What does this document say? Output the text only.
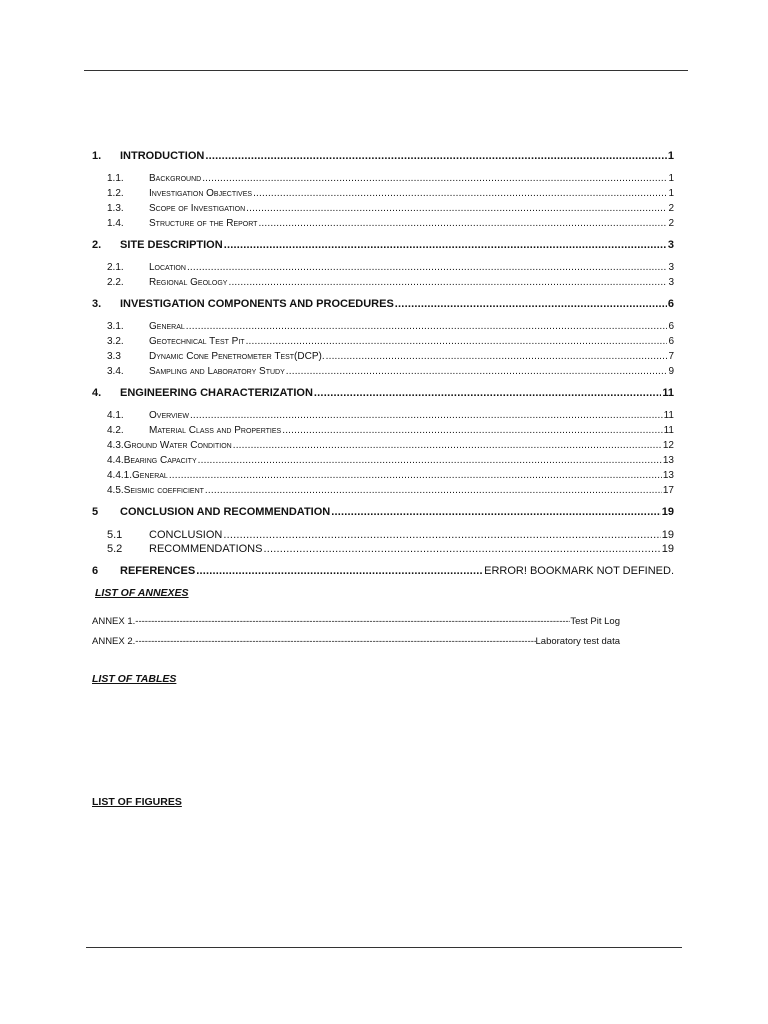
1.	INTRODUCTION .....	1
1.1.	Background .....	1
1.2.	Investigation Objectives .....	1
1.3.	Scope of Investigation .....	2
1.4.	Structure of the Report .....	2
2.	SITE DESCRIPTION .....	3
2.1.	Location .....	3
2.2.	Regional Geology .....	3
3.	INVESTIGATION COMPONENTS AND PROCEDURES .....	6
3.1.	General .....	6
3.2.	Geotechnical Test Pit .....	6
3.3	Dynamic Cone Penetrometer Test(DCP). .....	7
3.4.	Sampling and Laboratory Study .....	9
4.	ENGINEERING CHARACTERIZATION .....	11
4.1.	Overview .....	11
4.2.	Material Class and Properties .....	11
4.3. Ground Water Condition .....	12
4.4. Bearing Capacity .....	13
4.4.1. General .....	13
4.5. Seismic coefficient .....	17
5	CONCLUSION AND RECOMMENDATION .....	19
5.1	CONCLUSION .....	19
5.2	RECOMMENDATIONS .....	19
6	REFERENCES .....	ERROR! BOOKMARK NOT DEFINED.
LIST OF ANNEXES
ANNEX 1. -----	Test Pit Log
ANNEX 2. -----	Laboratory test data
LIST OF TABLES
LIST OF FIGURES
